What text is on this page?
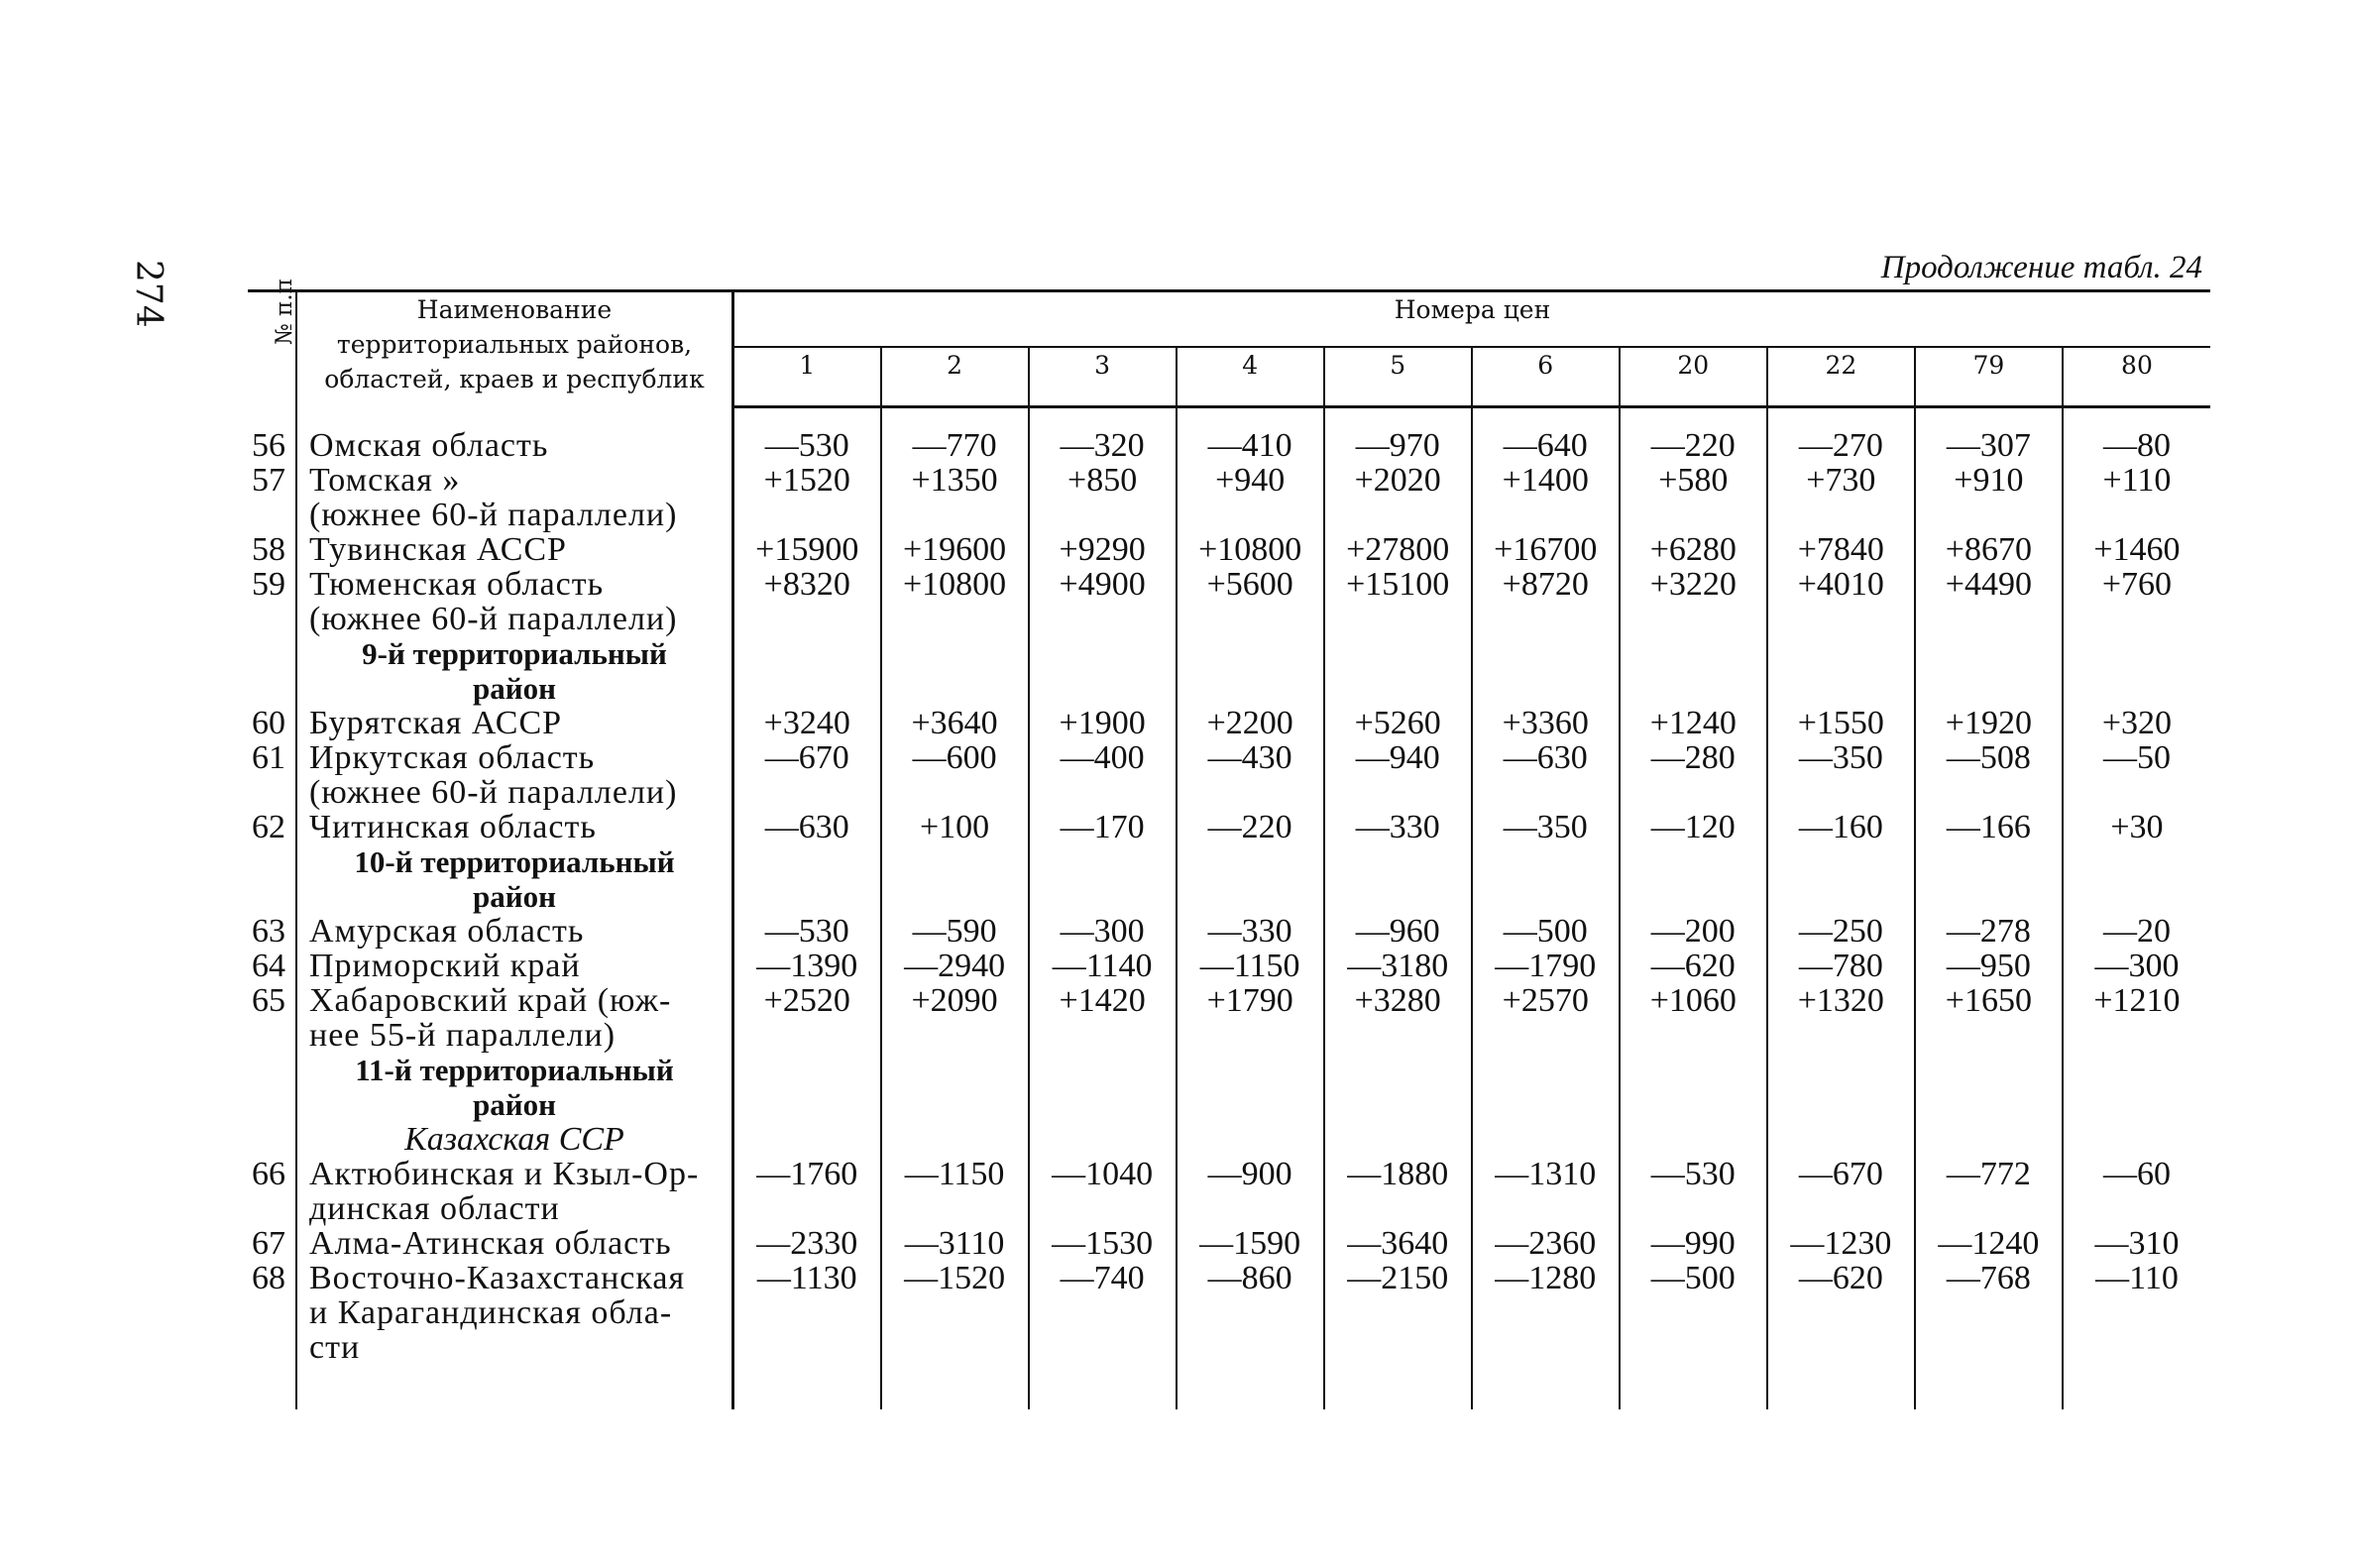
274	Продолжение табл. 24
№ п.п	Наименование территориальных районов, областей, краев и республик	Номера цен									
		1	2	3	4	5	6	20	22	79	80

56	Омская область	—530	—770	—320	—410	—970	—640	—220	—270	—307	—80
57	Томская »	+1520	+1350	+850	+940	+2020	+1400	+580	+730	+910	+110
	(южнее 60-й параллели)										
58	Тувинская АССР	+15900	+19600	+9290	+10800	+27800	+16700	+6280	+7840	+8670	+1460
59	Тюменская область	+8320	+10800	+4900	+5600	+15100	+8720	+3220	+4010	+4490	+760
	(южнее 60-й параллели)										
	9-й территориальный										
	район										
60	Бурятская АССР	+3240	+3640	+1900	+2200	+5260	+3360	+1240	+1550	+1920	+320
61	Иркутская область	—670	—600	—400	—430	—940	—630	—280	—350	—508	—50
	(южнее 60-й параллели)										
62	Читинская область	—630	+100	—170	—220	—330	—350	—120	—160	—166	+30
	10-й территориальный										
	район										
63	Амурская область	—530	—590	—300	—330	—960	—500	—200	—250	—278	—20
64	Приморский край	—1390	—2940	—1140	—1150	—3180	—1790	—620	—780	—950	—300
65	Хабаровский край (юж-	+2520	+2090	+1420	+1790	+3280	+2570	+1060	+1320	+1650	+1210
	нее 55-й параллели)										
	11-й территориальный										
	район										
	Казахская ССР										
66	Актюбинская и Кзыл-Ор-	—1760	—1150	—1040	—900	—1880	—1310	—530	—670	—772	—60
	динская области										
67	Алма-Атинская область	—2330	—3110	—1530	—1590	—3640	—2360	—990	—1230	—1240	—310
68	Восточно-Казахстанская	—1130	—1520	—740	—860	—2150	—1280	—500	—620	—768	—110
	и Карагандинская обла-										
	сти										
